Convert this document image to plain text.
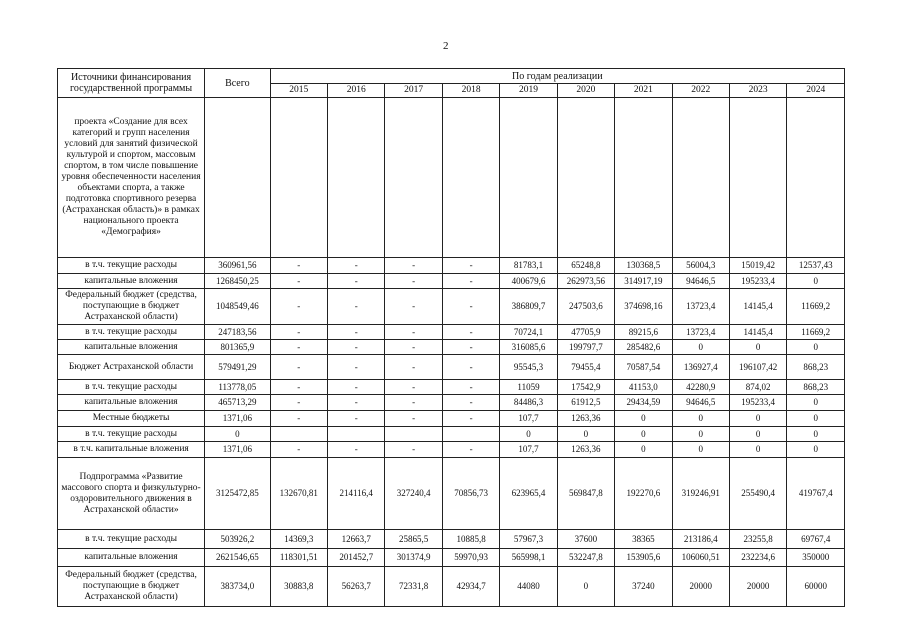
2
Источники финансирования государственной программы	Всего	По годам реализации									
		2015	2016	2017	2018	2019	2020	2021	2022	2023	2024
проекта «Создание для всех категорий и групп населения условий для занятий физической культурой и спортом, массовым спортом, в том числе повышение уровня обеспеченности населения объектами спорта, а также подготовка спортивного резерва (Астраханская область)» в рамках национального проекта «Демография»											
в т.ч. текущие расходы	360961,56	-	-	-	-	81783,1	65248,8	130368,5	56004,3	15019,42	12537,43
капитальные вложения	1268450,25	-	-	-	-	400679,6	262973,56	314917,19	94646,5	195233,4	0
Федеральный бюджет (средства, поступающие в бюджет Астраханской области)	1048549,46	-	-	-	-	386809,7	247503,6	374698,16	13723,4	14145,4	11669,2
в т.ч. текущие расходы	247183,56	-	-	-	-	70724,1	47705,9	89215,6	13723,4	14145,4	11669,2
капитальные вложения	801365,9	-	-	-	-	316085,6	199797,7	285482,6	0	0	0
Бюджет Астраханской области	579491,29	-	-	-	-	95545,3	79455,4	70587,54	136927,4	196107,42	868,23
в т.ч. текущие расходы	113778,05	-	-	-	-	11059	17542,9	41153,0	42280,9	874,02	868,23
капитальные вложения	465713,29	-	-	-	-	84486,3	61912,5	29434,59	94646,5	195233,4	0
Местные бюджеты	1371,06	-	-	-	-	107,7	1263,36	0	0	0	0
в т.ч. текущие расходы	0					0	0	0	0	0	0
в т.ч. капитальные вложения	1371,06	-	-	-	-	107,7	1263,36	0	0	0	0
Подпрограмма «Развитие массового спорта и физкультурно-оздоровительного движения в Астраханской области»	3125472,85	132670,81	214116,4	327240,4	70856,73	623965,4	569847,8	192270,6	319246,91	255490,4	419767,4
в т.ч. текущие расходы	503926,2	14369,3	12663,7	25865,5	10885,8	57967,3	37600	38365	213186,4	23255,8	69767,4
капитальные вложения	2621546,65	118301,51	201452,7	301374,9	59970,93	565998,1	532247,8	153905,6	106060,51	232234,6	350000
Федеральный бюджет (средства, поступающие в бюджет Астраханской области)	383734,0	30883,8	56263,7	72331,8	42934,7	44080	0	37240	20000	20000	60000
